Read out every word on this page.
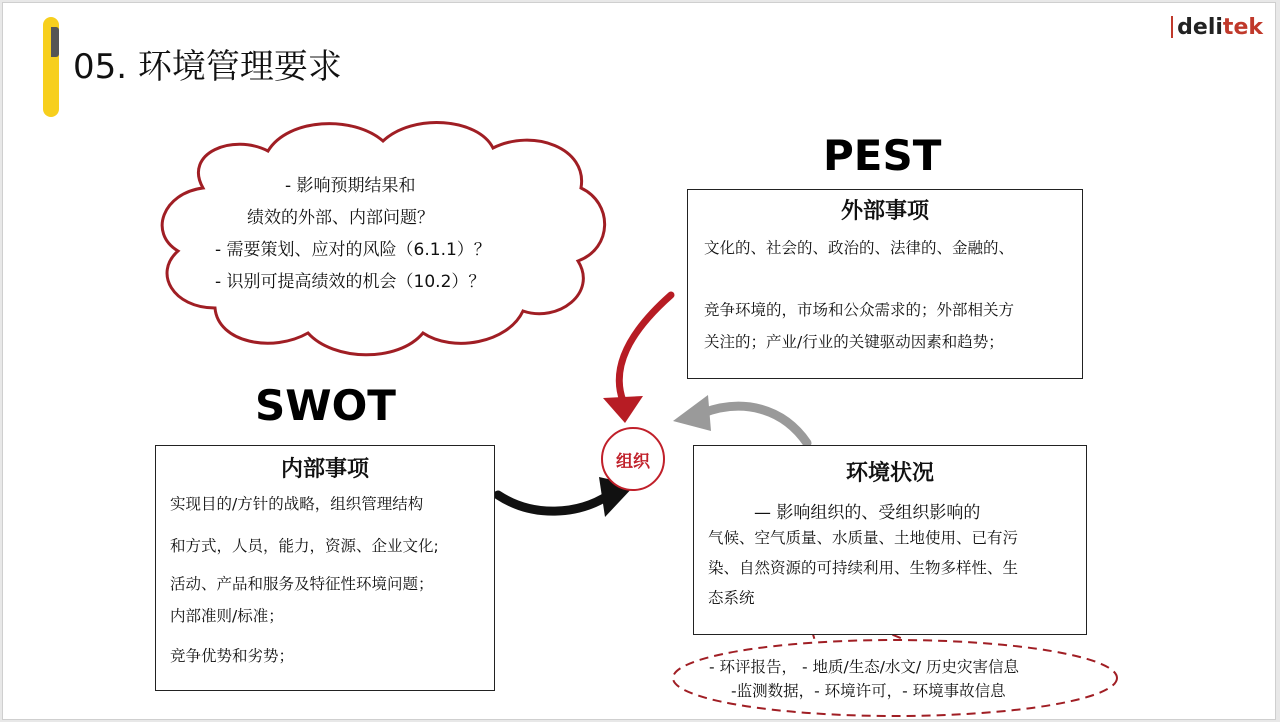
05. 环境管理要求
delitek
- 影响预期结果和
绩效的外部、内部问题？
- 需要策划、应对的风险（6.1.1）？
- 识别可提高绩效的机会（10.2）？
PEST
外部事项
文化的、社会的、政治的、法律的、金融的、
竞争环境的，市场和公众需求的；外部相关方
关注的；产业/行业的关键驱动因素和趋势；
SWOT
内部事项
实现目的/方针的战略，组织管理结构
和方式，人员，能力，资源、企业文化;
活动、产品和服务及特征性环境问题；
内部准则/标准；
竞争优势和劣势；
组织	环境状况
— 影响组织的、受组织影响的
气候、空气质量、水质量、土地使用、已有污
染、自然资源的可持续利用、生物多样性、生
态系统
- 环评报告， - 地质/生态/水文/ 历史灾害信息
-监测数据，- 环境许可，- 环境事故信息
